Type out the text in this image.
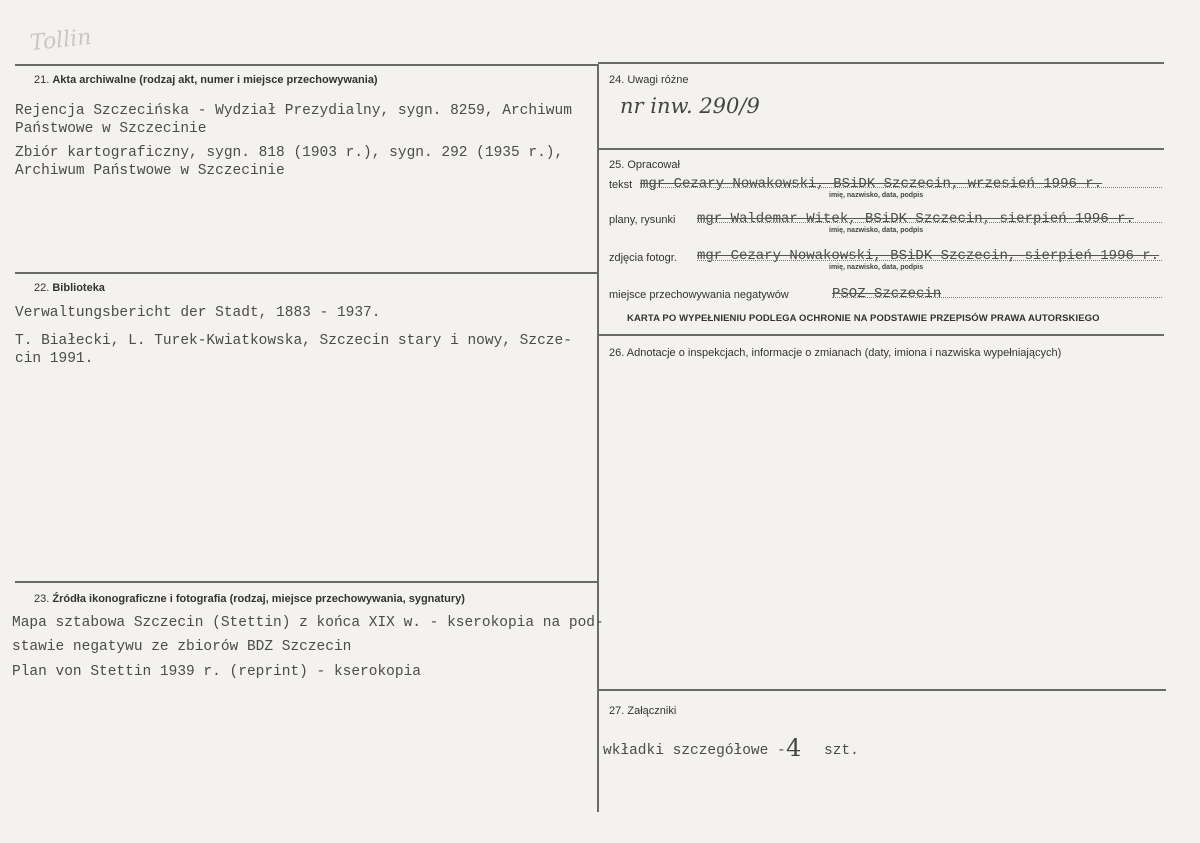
Tollin
21. Akta archiwalne (rodzaj akt, numer i miejsce przechowywania)
Rejencja Szczecińska - Wydział Prezydialny, sygn. 8259, Archiwum
Państwowe w Szczecinie
Zbiór kartograficzny, sygn. 818 (1903 r.), sygn. 292 (1935 r.),
Archiwum Państwowe w Szczecinie
22. Biblioteka
Verwaltungsbericht der Stadt, 1883 - 1937.
T. Białecki, L. Turek-Kwiatkowska, Szczecin stary i nowy, Szcze-
cin 1991.
23. Źródła ikonograficzne i fotografia (rodzaj, miejsce przechowywania, sygnatury)
Mapa sztabowa Szczecin (Stettin) z końca XIX w. - kserokopia na pod-
stawie negatywu ze zbiorów BDZ Szczecin
Plan von Stettin 1939 r. (reprint) - kserokopia
24. Uwagi różne
nr inw. 290/9
25. Opracował
tekst mgr Cezary Nowakowski, BSiDK Szczecin, wrzesień 1996 r.
imię, nazwisko, data, podpis
plany, rysunki mgr Waldemar Witek, BSiDK Szczecin, sierpień 1996 r.
imię, nazwisko, data, podpis
zdjęcia fotogr. mgr Cezary Nowakowski, BSiDK Szczecin, sierpień 1996 r.
imię, nazwisko, data, podpis
miejsce przechowywania negatywów	PSOZ Szczecin
KARTA PO WYPEŁNIENIU PODLEGA OCHRONIE NA PODSTAWIE PRZEPISÓW PRAWA AUTORSKIEGO
26. Adnotacje o inspekcjach, informacje o zmianach (daty, imiona i nazwiska wypełniających)
27. Załączniki
wkładki szczegółowe - 4 szt.
